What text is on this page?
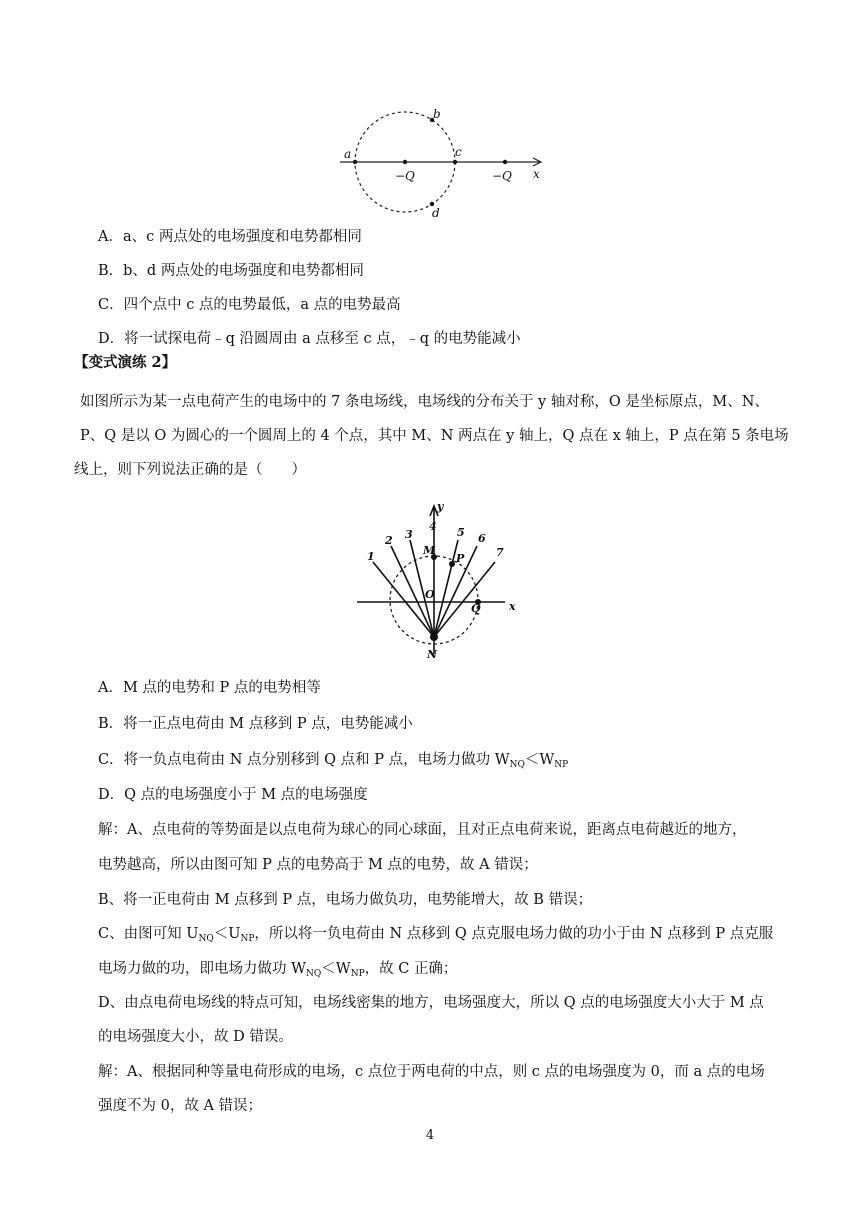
a
b
c
d
−Q	−Q x
A．a、c 两点处的电场强度和电势都相同
B．b、d 两点处的电场强度和电势都相同
C．四个点中 c 点的电势最低，a 点的电势最高
D．将一试探电荷﹣q 沿圆周由 a 点移至 c 点，﹣q 的电势能减小
【变式演练 2】
如图所示为某一点电荷产生的电场中的 7 条电场线，电场线的分布关于 y 轴对称，O 是坐标原点，M、N、
P、Q 是以 O 为圆心的一个圆周上的 4 个点，其中 M、N 两点在 y 轴上，Q 点在 x 轴上，P 点在第 5 条电场
线上，则下列说法正确的是（　　）
y
x
N
M
P
Q
O
1
2 3
4 5 6
7
A．M 点的电势和 P 点的电势相等
B．将一正点电荷由 M 点移到 P 点，电势能减小
C．将一负点电荷由 N 点分别移到 Q 点和 P 点，电场力做功 $W_{NQ}<W_{NP}$
D．Q 点的电场强度小于 M 点的电场强度
解：A、点电荷的等势面是以点电荷为球心的同心球面，且对正点电荷来说，距离点电荷越近的地方，
电势越高，所以由图可知 P 点的电势高于 M 点的电势，故 A 错误；
B、将一正电荷由 M 点移到 P 点，电场力做负功，电势能增大，故 B 错误；
C、由图可知 $U_{NQ}<U_{NP}$，所以将一负电荷由 N 点移到 Q 点克服电场力做的功小于由 N 点移到 P 点克服
电场力做的功，即电场力做功 $W_{NQ}<W_{NP}$，故 C 正确；
D、由点电荷电场线的特点可知，电场线密集的地方，电场强度大，所以 Q 点的电场强度大小大于 M 点
的电场强度大小，故 D 错误。
解：A、根据同种等量电荷形成的电场，c 点位于两电荷的中点，则 c 点的电场强度为 0，而 a 点的电场
强度不为 0，故 A 错误；
4
